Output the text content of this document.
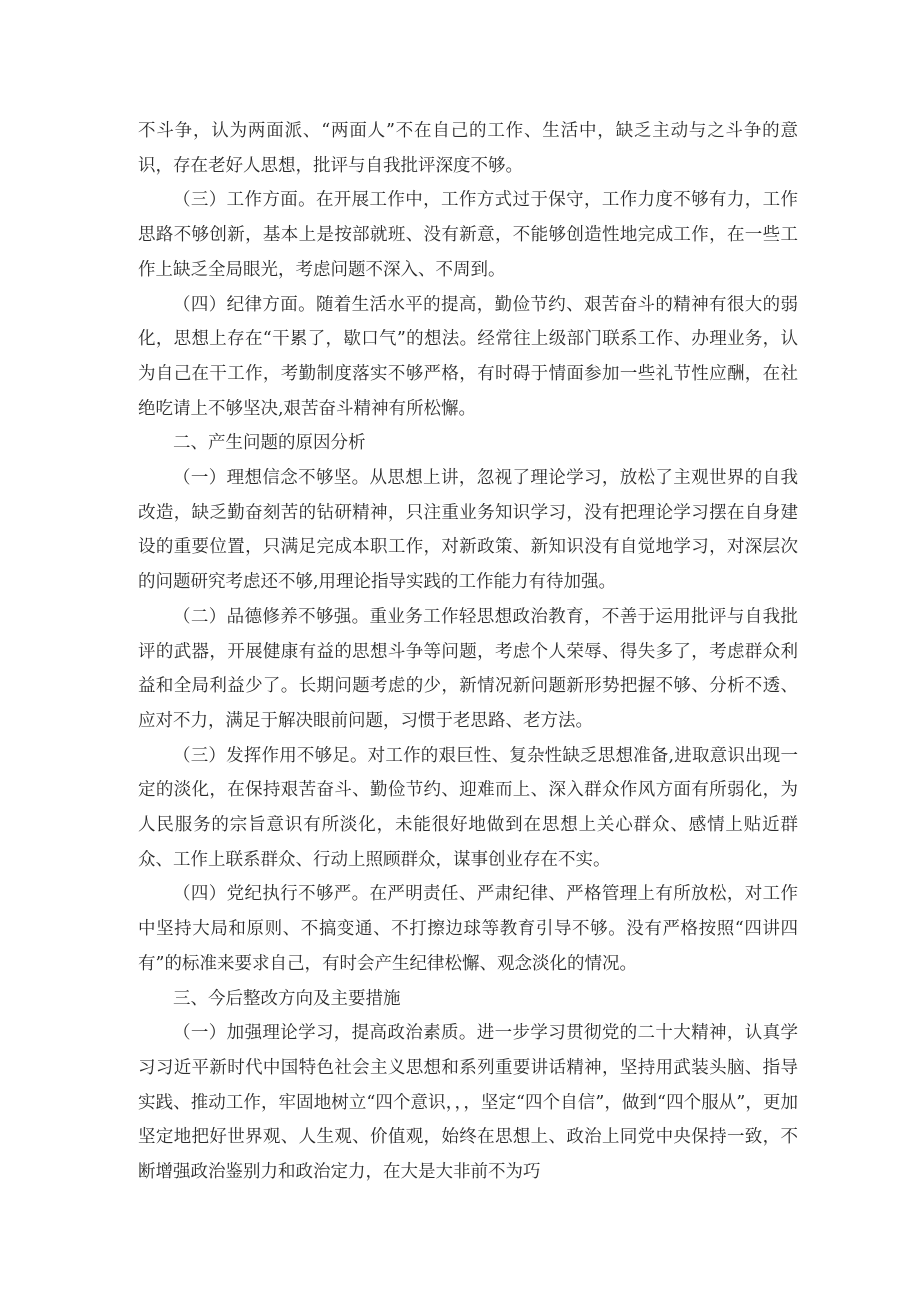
不斗争，认为两面派、“两面人”不在自己的工作、生活中，缺乏主动与之斗争的意识，存在老好人思想，批评与自我批评深度不够。

（三）工作方面。在开展工作中，工作方式过于保守，工作力度不够有力，工作思路不够创新，基本上是按部就班、没有新意，不能够创造性地完成工作，在一些工作上缺乏全局眼光，考虑问题不深入、不周到。

（四）纪律方面。随着生活水平的提高，勤俭节约、艰苦奋斗的精神有很大的弱化，思想上存在“干累了，歇口气”的想法。经常往上级部门联系工作、办理业务，认为自己在干工作，考勤制度落实不够严格，有时碍于情面参加一些礼节性应酬，在社绝吃请上不够坚决,艰苦奋斗精神有所松懈。

二、产生问题的原因分析

（一）理想信念不够坚。从思想上讲，忽视了理论学习，放松了主观世界的自我改造，缺乏勤奋刻苦的钻研精神，只注重业务知识学习，没有把理论学习摆在自身建设的重要位置，只满足完成本职工作，对新政策、新知识没有自觉地学习，对深层次的问题研究考虑还不够,用理论指导实践的工作能力有待加强。

（二）品德修养不够强。重业务工作轻思想政治教育，不善于运用批评与自我批评的武器，开展健康有益的思想斗争等问题，考虑个人荣辱、得失多了，考虑群众利益和全局利益少了。长期问题考虑的少，新情况新问题新形势把握不够、分析不透、应对不力，满足于解决眼前问题，习惯于老思路、老方法。

（三）发挥作用不够足。对工作的艰巨性、复杂性缺乏思想准备,进取意识出现一定的淡化，在保持艰苦奋斗、勤俭节约、迎难而上、深入群众作风方面有所弱化，为人民服务的宗旨意识有所淡化，未能很好地做到在思想上关心群众、感情上贴近群众、工作上联系群众、行动上照顾群众，谋事创业存在不实。

（四）党纪执行不够严。在严明责任、严肃纪律、严格管理上有所放松，对工作中坚持大局和原则、不搞变通、不打擦边球等教育引导不够。没有严格按照“四讲四有”的标准来要求自己，有时会产生纪律松懈、观念淡化的情况。

三、今后整改方向及主要措施

（一）加强理论学习，提高政治素质。进一步学习贯彻党的二十大精神，认真学习习近平新时代中国特色社会主义思想和系列重要讲话精神，坚持用武装头脑、指导实践、推动工作，牢固地树立“四个意识，，，坚定“四个自信”，做到“四个服从”，更加坚定地把好世界观、人生观、价值观，始终在思想上、政治上同党中央保持一致，不断增强政治鉴别力和政治定力，在大是大非前不为巧
